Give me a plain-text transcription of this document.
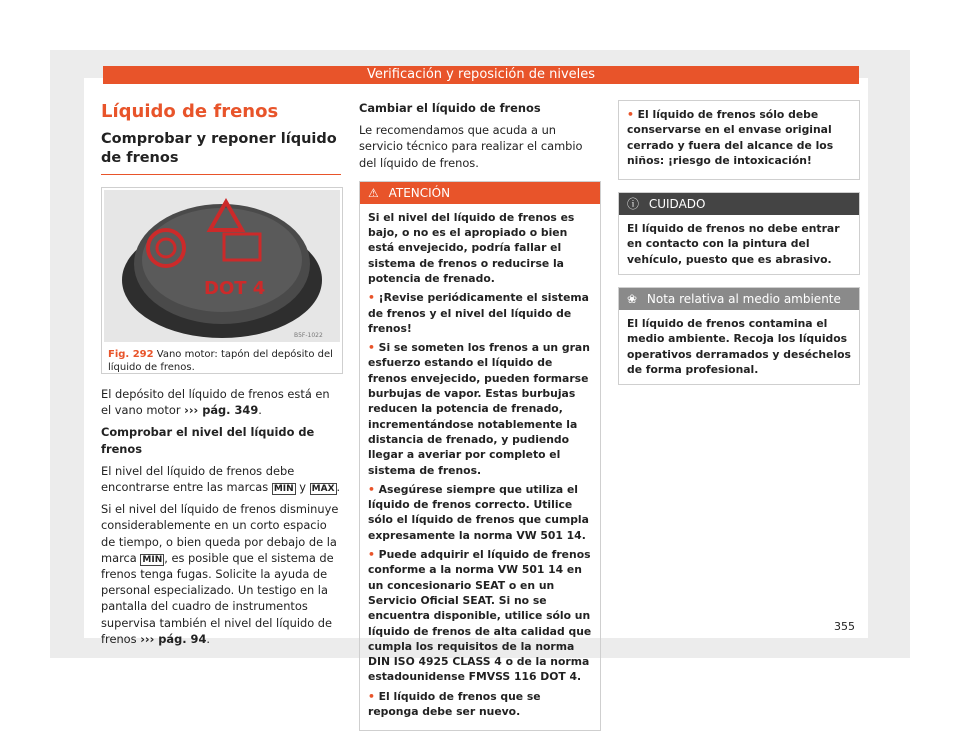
Verificación y reposición de niveles
Líquido de frenos
Comprobar y reponer líquido de frenos
DOT 4
B5F-1022
Fig. 292 Vano motor: tapón del depósito del líquido de frenos.

El depósito del líquido de frenos está en el vano motor ››› pág. 349.

Comprobar el nivel del líquido de frenos

El nivel del líquido de frenos debe encontrarse entre las marcas MIN y MAX .

Si el nivel del líquido de frenos disminuye considerablemente en un corto espacio de tiempo, o bien queda por debajo de la marca MIN , es posible que el sistema de frenos tenga fugas. Solicite la ayuda de personal especializado. Un testigo en la pantalla del cuadro de instrumentos supervisa también el nivel del líquido de frenos ››› pág. 94.

Cambiar el líquido de frenos

Le recomendamos que acuda a un servicio técnico para realizar el cambio del líquido de frenos.

⚠ ATENCIÓN

Si el nivel del líquido de frenos es bajo, o no es el apropiado o bien está envejecido, podría fallar el sistema de frenos o reducirse la potencia de frenado.

• ¡Revise periódicamente el sistema de frenos y el nivel del líquido de frenos!

• Si se someten los frenos a un gran esfuerzo estando el líquido de frenos envejecido, pueden formarse burbujas de vapor. Estas burbujas reducen la potencia de frenado, incrementándose notablemente la distancia de frenado, y pudiendo llegar a averiar por completo el sistema de frenos.

• Asegúrese siempre que utiliza el líquido de frenos correcto. Utilice sólo el líquido de frenos que cumpla expresamente la norma VW 501 14.

• Puede adquirir el líquido de frenos conforme a la norma VW 501 14 en un concesionario SEAT o en un Servicio Oficial SEAT. Si no se encuentra disponible, utilice sólo un líquido de frenos de alta calidad que cumpla los requisitos de la norma DIN ISO 4925 CLASS 4 o de la norma estadounidense FMVSS 116 DOT 4.

• El líquido de frenos que se reponga debe ser nuevo.

• El líquido de frenos sólo debe conservarse en el envase original cerrado y fuera del alcance de los niños: ¡riesgo de intoxicación!

ⓘ CUIDADO
El líquido de frenos no debe entrar en contacto con la pintura del vehículo, puesto que es abrasivo.
❀ Nota relativa al medio ambiente
El líquido de frenos contamina el medio ambiente. Recoja los líquidos operativos derramados y deséchelos de forma profesional.
355
